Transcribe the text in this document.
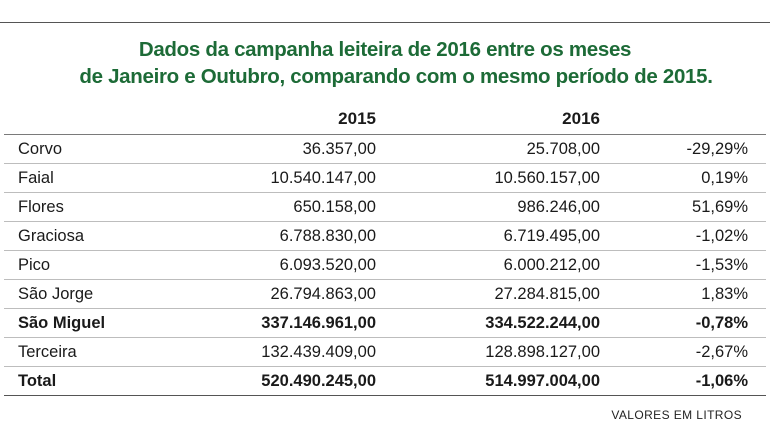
Dados da campanha leiteira de 2016 entre os meses
de Janeiro e Outubro, comparando com o mesmo período de 2015.
	2015	2016	
Corvo	36.357,00	25.708,00	-29,29%
Faial	10.540.147,00	10.560.157,00	0,19%
Flores	650.158,00	986.246,00	51,69%
Graciosa	6.788.830,00	6.719.495,00	-1,02%
Pico	6.093.520,00	6.000.212,00	-1,53%
São Jorge	26.794.863,00	27.284.815,00	1,83%
São Miguel	337.146.961,00	334.522.244,00	-0,78%
Terceira	132.439.409,00	128.898.127,00	-2,67%
Total	520.490.245,00	514.997.004,00	-1,06%
VALORES EM LITROS
